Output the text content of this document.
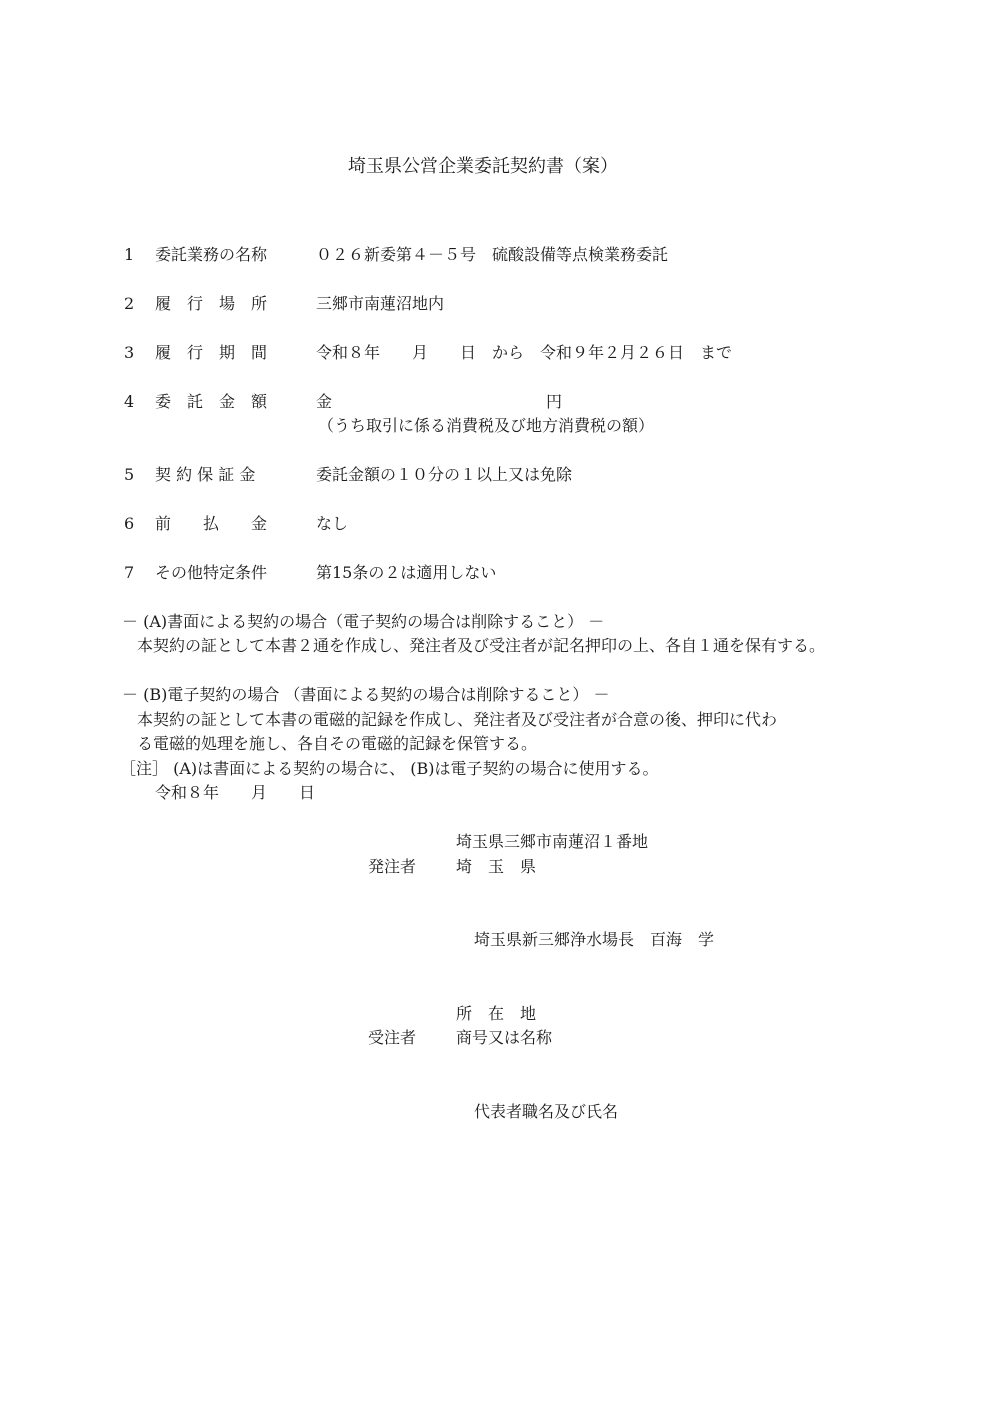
埼玉県公営企業委託契約書（案）
1 委託業務の名称	０２６新委第４－５号　硫酸設備等点検業務委託
2 履　行　場　所	三郷市南蓮沼地内
3 履　行　期　間	令和８年　　月　　日　から　令和９年２月２６日　まで
4 委　託　金　額	金	円
（うち取引に係る消費税及び地方消費税の額）
5 契 約 保 証 金	委託金額の１０分の１以上又は免除
6 前　　払　　金	なし
7 その他特定条件	第15条の２は適用しない
－ (A)書面による契約の場合（電子契約の場合は削除すること） －
本契約の証として本書２通を作成し、発注者及び受注者が記名押印の上、各自１通を保有する。
－ (B)電子契約の場合 （書面による契約の場合は削除すること） －
本契約の証として本書の電磁的記録を作成し、発注者及び受注者が合意の後、押印に代わ
る電磁的処理を施し、各自その電磁的記録を保管する。
［注］ (A)は書面による契約の場合に、 (B)は電子契約の場合に使用する。
令和８年　　月　　日
埼玉県三郷市南蓮沼１番地
発注者 埼　玉　県
埼玉県新三郷浄水場長　百海　学
所　在　地
受注者 商号又は名称
代表者職名及び氏名
